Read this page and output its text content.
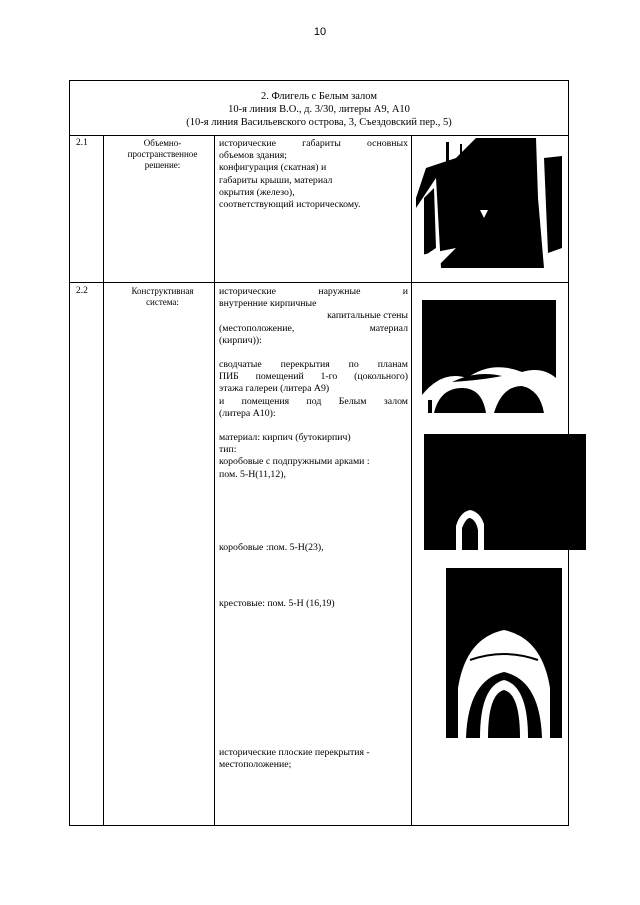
10
2. Флигель с Белым залом
10-я линия В.О., д. 3/30, литеры А9, А10
(10-я линия Васильевского острова, 3, Съездовский пер., 5)
2.1	Объемно-
пространственное
решение:

исторические габариты основных

объемов здания;

конфигурация (скатная) и

габариты крыши, материал

окрытия (железо),

соответствующий историческому.

2.2	Конструктивная
система:

исторические наружные и

внутренние кирпичные

капитальные стены

(местоположение, материал

(кирпич)):

сводчатые перекрытия по планам

ПИБ помещений 1-го (цокольного)

этажа галереи (литера А9)

и помещения под Белым залом

(литера А10):

материал: кирпич (бутокирпич)

тип:

коробовые с подпружными арками :

пом. 5-Н(11,12),

коробовые :пом. 5-Н(23),
крестовые: пом. 5-Н (16,19)

исторические плоские перекрытия -

местоположение;
